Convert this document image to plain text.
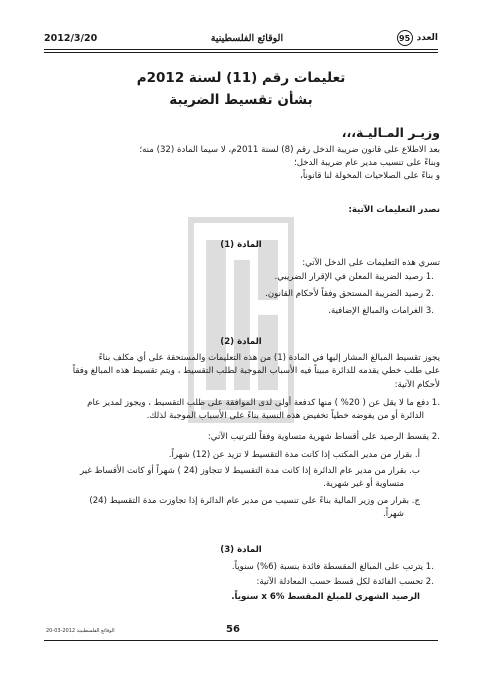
العدد
95
الوقائع الفلسطينية
2012/3/20
تعليمات رقم (11) لسنة 2012م
بشأن تقسيط الضريبة
وزيـر المـاليـة،،،
بعد الاطلاع على قانون ضريبة الدخل رقم (8) لسنة 2011م، لا سيما المادة (32) منه؛
وبناءً على تنسيب مدير عام ضريبة الدخل؛
و بناءً على الصلاحيات المخولة لنا قانوناً،
نصدر التعليمات الآتية:
المادة (1)
تسري هذه التعليمات على الدخل الآتي:
.1 رصيد الضريبة المعلن في الإقرار الضريبي.
.2 رصيد الضريبة المستحق وفقاً لأحكام القانون.
.3 الغرامات والمبالغ الإضافية.
المادة (2)
يجوز تقسيط المبالغ المشار إليها في المادة (1) من هذه التعليمات والمستحقة على أي مكلف بناءً
على طلب خطي يقدمه للدائرة مبيناً فيه الأسباب الموجبة لطلب التقسيط ، ويتم تقسيط هذه المبالغ وفقاً
لأحكام الآتية:
.1 دفع ما لا يقل عن ( 20% ) منها كدفعة أولى لدى الموافقة على طلب التقسيط ، ويجوز لمدير عام
الدائرة أو من يفوضه خطياً تخفيض هذه النسبة بناءً على الأسباب الموجبة لذلك.
.2 يقسط الرصيد على أقساط شهرية متساوية وفقاً للترتيب الآتي:
أ. بقرار من مدير المكتب إذا كانت مدة التقسيط لا تزيد عن (12) شهراً.
ب. بقرار من مدير عام الدائرة إذا كانت مدة التقسيط لا تتجاوز (24 ) شهراً أو كانت الأقساط غير
متساوية أو غير شهرية.
ج. بقرار من وزير المالية بناءً على تنسيب من مدير عام الدائرة إذا تجاوزت مدة التقسيط (24)
شهراً.
المادة (3)
.1 يترتب على المبالغ المقسطة فائدة بنسبة (6%) سنوياً.
.2 تحسب الفائدة لكل قسط حسب المعادلة الآتية:
الرصيد الشهري للمبلغ المقسط x 6% سنوياً.
56
الوقائع الفلسطينية 2012-03-20
